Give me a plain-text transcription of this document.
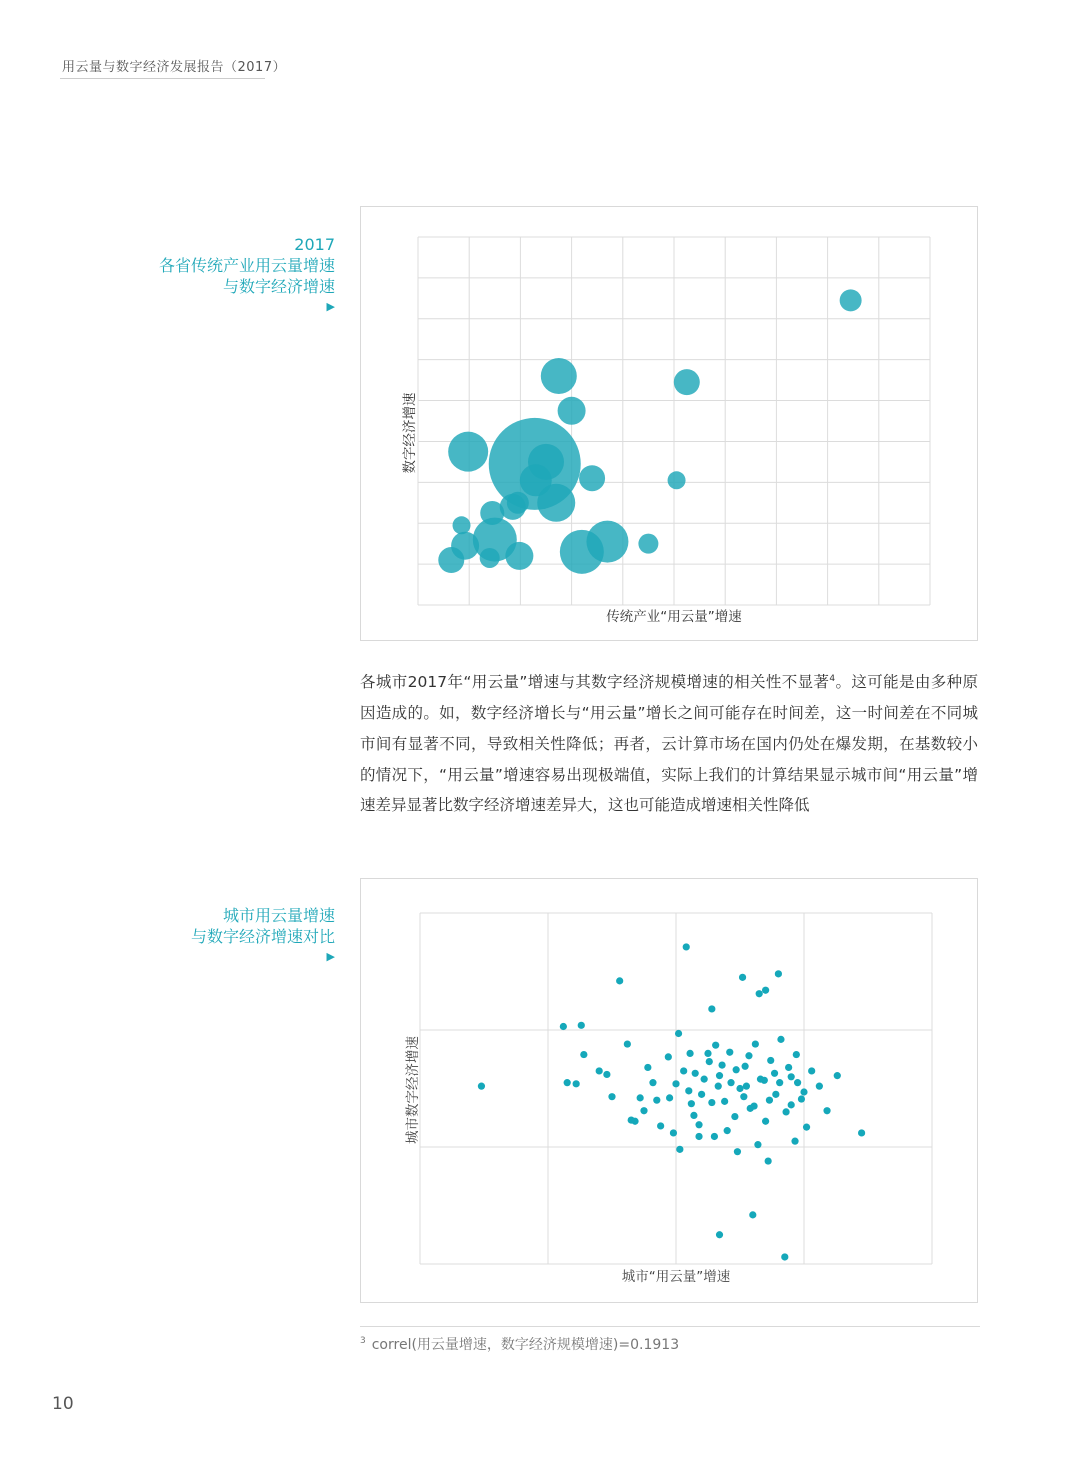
用云量与数字经济发展报告（2017）
2017
各省传统产业用云量增速
与数字经济增速
▶
传统产业“用云量”增速
数字经济增速
各城市2017年“用云量”增速与其数字经济规模增速的相关性不显著$^4$。这可能是由多种原因造成的。如，数字经济增长与“用云量”增长之间可能存在时间差，这一时间差在不同城市间有显著不同，导致相关性降低；再者，云计算市场在国内仍处在爆发期，在基数较小的情况下，“用云量”增速容易出现极端值，实际上我们的计算结果显示城市间“用云量”增速差异显著比数字经济增速差异大，这也可能造成增速相关性降低
城市用云量增速
与数字经济增速对比
▶
城市“用云量”增速
城市数字经济增速
$^3$ correl(用云量增速，数字经济规模增速)=0.1913
10
